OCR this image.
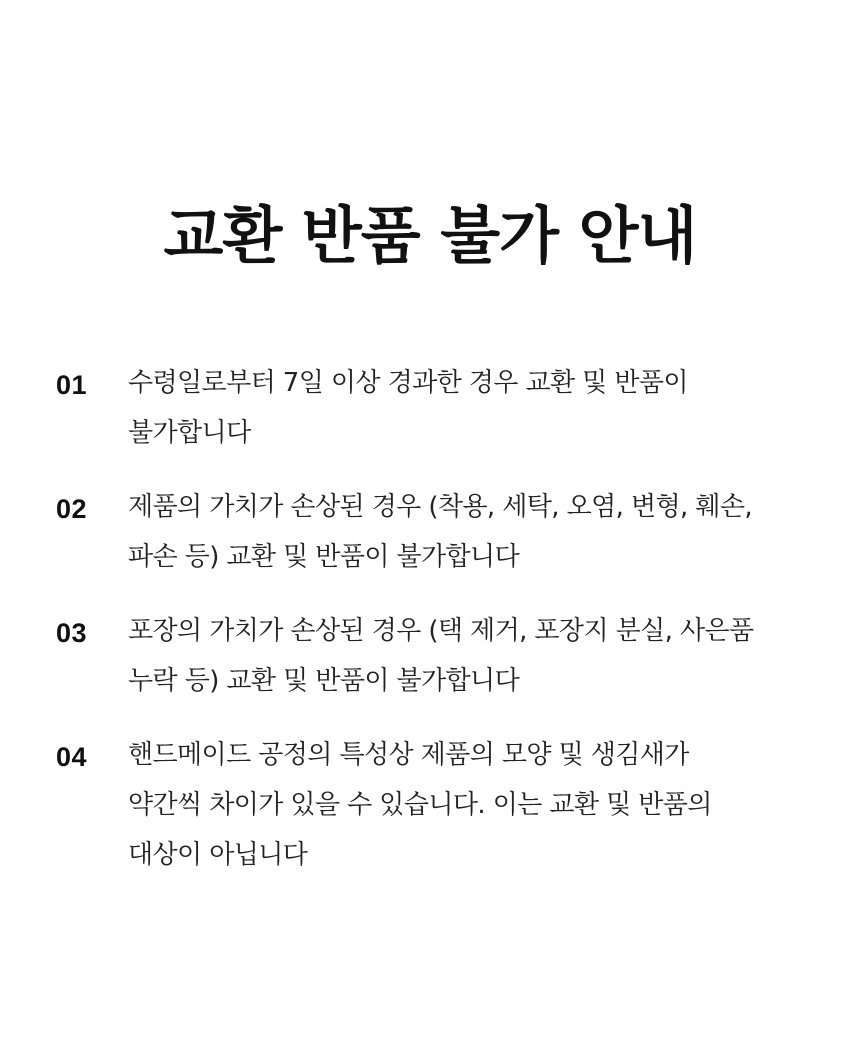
교환 반품 불가 안내
01	수령일로부터 7일 이상 경과한 경우 교환 및 반품이
불가합니다
02	제품의 가치가 손상된 경우 (착용, 세탁, 오염, 변형, 훼손,
파손 등) 교환 및 반품이 불가합니다
03	포장의 가치가 손상된 경우 (택 제거, 포장지 분실, 사은품
누락 등) 교환 및 반품이 불가합니다
04	핸드메이드 공정의 특성상 제품의 모양 및 생김새가
약간씩 차이가 있을 수 있습니다. 이는 교환 및 반품의
대상이 아닙니다
